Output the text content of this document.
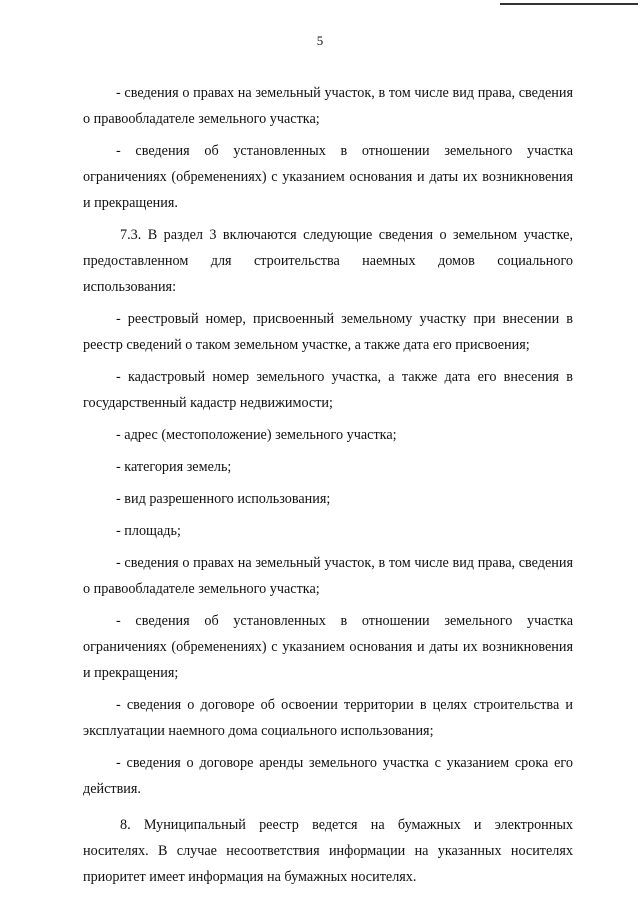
5

- сведения о правах на земельный участок, в том числе вид права, сведения о правообладателе земельного участка;

- сведения об установленных в отношении земельного участка ограничениях (обременениях) с указанием основания и даты их возникновения и прекращения.

7.3. В раздел 3 включаются следующие сведения о земельном участке, предоставленном для строительства наемных домов социального использования:

- реестровый номер, присвоенный земельному участку при внесении в реестр сведений о таком земельном участке, а также дата его присвоения;

- кадастровый номер земельного участка, а также дата его внесения в государственный кадастр недвижимости;

- адрес (местоположение) земельного участка;

- категория земель;

- вид разрешенного использования;

- площадь;

- сведения о правах на земельный участок, в том числе вид права, сведения о правообладателе земельного участка;

- сведения об установленных в отношении земельного участка ограничениях (обременениях) с указанием основания и даты их возникновения и прекращения;

- сведения о договоре об освоении территории в целях строительства и эксплуатации наемного дома социального использования;

- сведения о договоре аренды земельного участка с указанием срока его действия.

8. Муниципальный реестр ведется на бумажных и электронных носителях. В случае несоответствия информации на указанных носителях приоритет имеет информация на бумажных носителях.
